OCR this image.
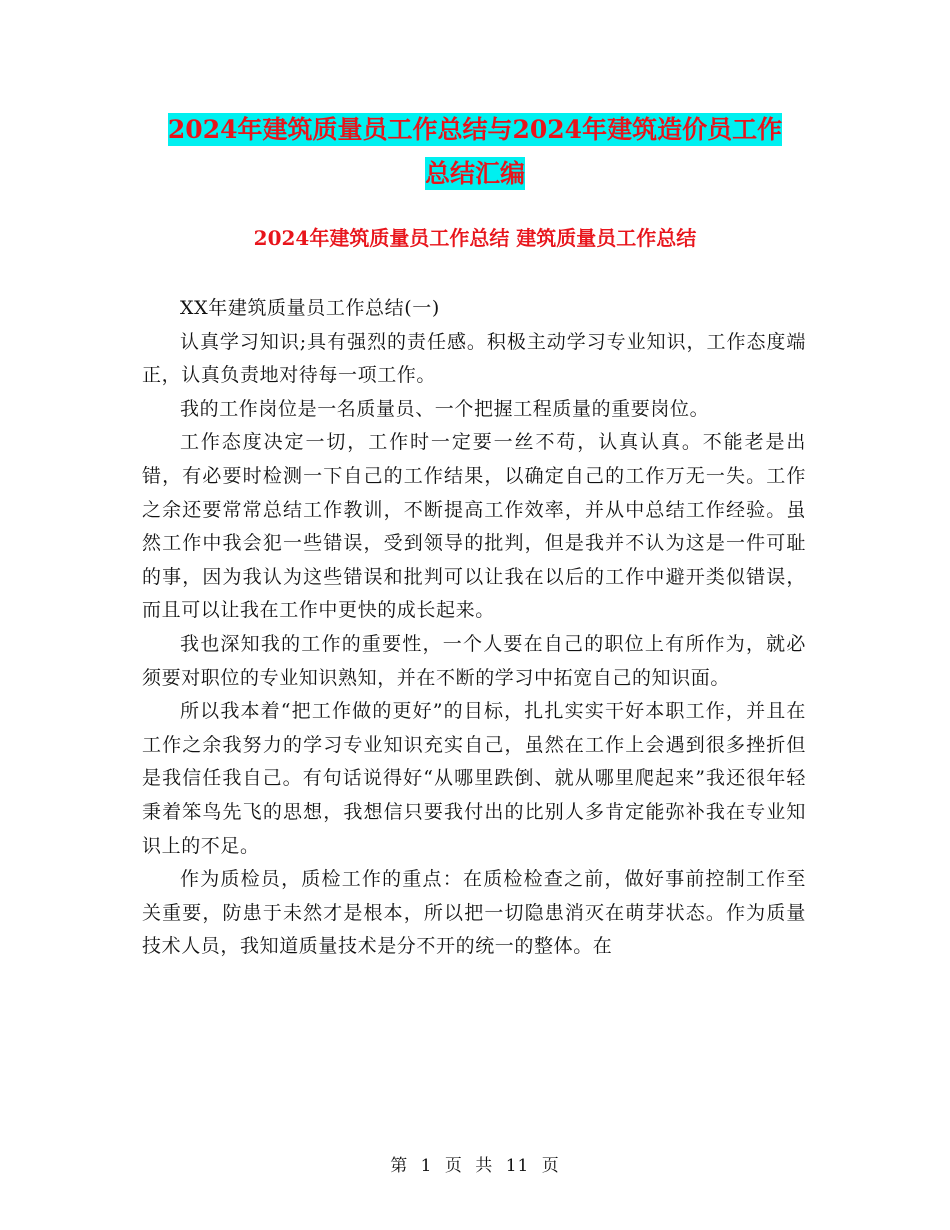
2024年建筑质量员工作总结与2024年建筑造价员工作
总结汇编
2024年建筑质量员工作总结 建筑质量员工作总结

XX年建筑质量员工作总结(一)

认真学习知识;具有强烈的责任感。积极主动学习专业知识，工作态度端正，认真负责地对待每一项工作。

我的工作岗位是一名质量员、一个把握工程质量的重要岗位。

工作态度决定一切，工作时一定要一丝不苟，认真认真。不能老是出错，有必要时检测一下自己的工作结果，以确定自己的工作万无一失。工作之余还要常常总结工作教训，不断提高工作效率，并从中总结工作经验。虽然工作中我会犯一些错误，受到领导的批判，但是我并不认为这是一件可耻的事，因为我认为这些错误和批判可以让我在以后的工作中避开类似错误，而且可以让我在工作中更快的成长起来。

我也深知我的工作的重要性，一个人要在自己的职位上有所作为，就必须要对职位的专业知识熟知，并在不断的学习中拓宽自己的知识面。

所以我本着“把工作做的更好”的目标，扎扎实实干好本职工作，并且在工作之余我努力的学习专业知识充实自己，虽然在工作上会遇到很多挫折但是我信任我自己。有句话说得好“从哪里跌倒、就从哪里爬起来”我还很年轻秉着笨鸟先飞的思想，我想信只要我付出的比别人多肯定能弥补我在专业知识上的不足。

作为质检员，质检工作的重点：在质检检查之前，做好事前控制工作至关重要，防患于未然才是根本，所以把一切隐患消灭在萌芽状态。作为质量技术人员，我知道质量技术是分不开的统一的整体。在

第 1 页 共 11 页
